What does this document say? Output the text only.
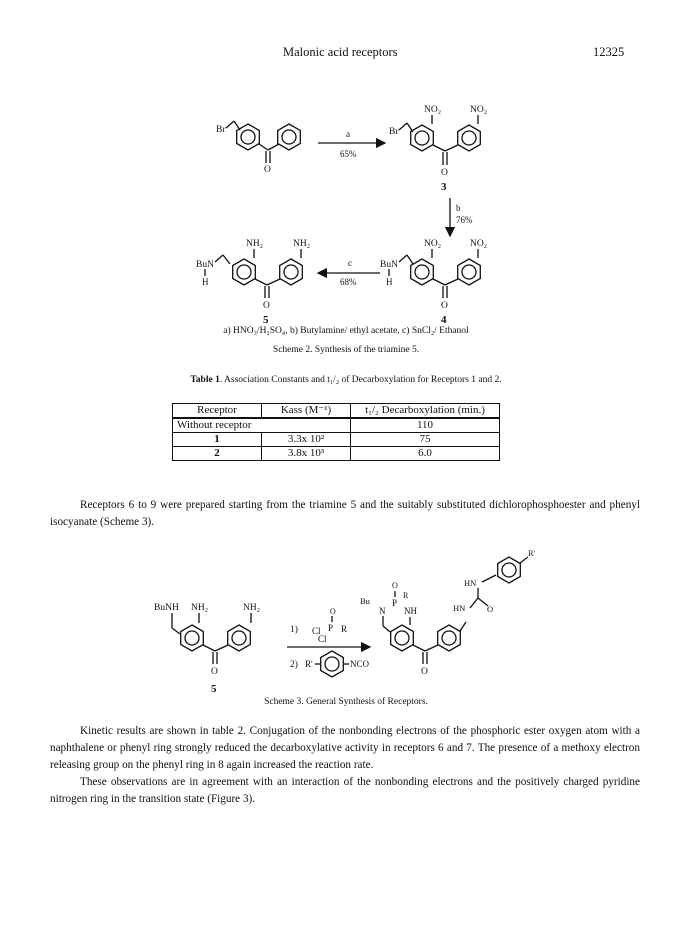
Malonic acid receptors	12325
Br
O
a
65%
NO₂	NO₂
Br
O
3
b
76%
NO₂	NO₂
BuN
H
O
4
c
68%
NH₂	NH₂
BuN
H
O
5
a) HNO₃/H₂SO₄, b) Butylamine/ ethyl acetate, c) SnCl₂/ Ethanol
Scheme 2. Synthesis of the triamine 5.
Table 1. Association Constants and t₁/₂ of Decarboxylation for Receptors 1 and 2.
Receptor	Kass (M⁻¹)	t₁/₂ Decarboxylation (min.)
Without receptor		110
1	3.3x 10²	75
2	3.8x 10³	6.0
Receptors 6 to 9 were prepared starting from the triamine 5 and the suitably substituted dichlorophosphoester and phenyl isocyanate (Scheme 3).
BuNH NH₂	NH₂
O
5
1)
O
P
Cl
Cl
R
2) R'	NCO
O
R
P
Bu
N NH
O
HN	O
HN
R'
Scheme 3. General Synthesis of Receptors.
Kinetic results are shown in table 2. Conjugation of the nonbonding electrons of the phosphoric ester oxygen atom with a naphthalene or phenyl ring strongly reduced the decarboxylative activity in receptors 6 and 7. The presence of a methoxy electron releasing group on the phenyl ring in 8 again increased the reaction rate.
These observations are in agreement with an interaction of the nonbonding electrons and the positively charged pyridine nitrogen ring in the transition state (Figure 3).
